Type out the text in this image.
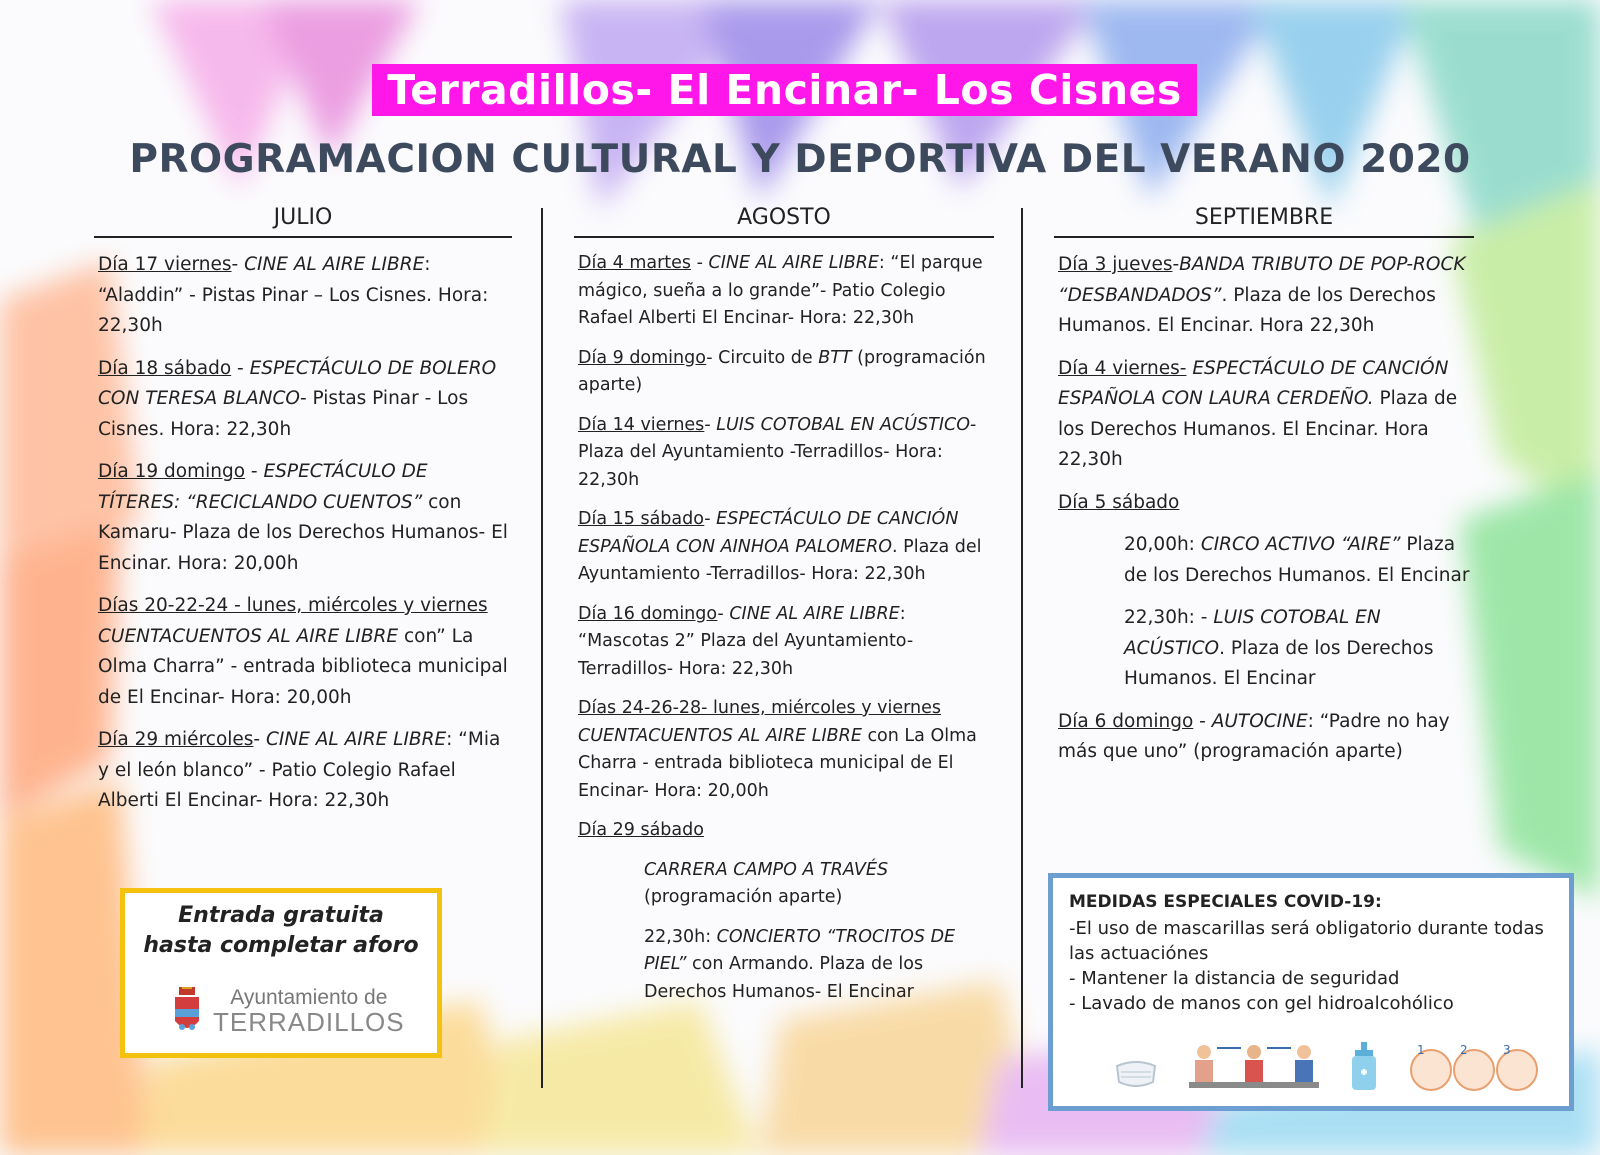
Terradillos- El Encinar- Los Cisnes
PROGRAMACION CULTURAL Y DEPORTIVA DEL VERANO 2020
JULIO
Día 17 viernes- CINE AL AIRE LIBRE: “Aladdin” - Pistas Pinar – Los Cisnes. Hora: 22,30h
Día 18 sábado - ESPECTÁCULO DE BOLERO CON TERESA BLANCO- Pistas Pinar - Los Cisnes. Hora: 22,30h
Día 19 domingo - ESPECTÁCULO DE TÍTERES: “RECICLANDO CUENTOS” con Kamaru- Plaza de los Derechos Humanos- El Encinar. Hora: 20,00h
Días 20-22-24 - lunes, miércoles y viernes CUENTACUENTOS AL AIRE LIBRE con” La Olma Charra” - entrada biblioteca municipal de El Encinar- Hora: 20,00h
Día 29 miércoles- CINE AL AIRE LIBRE: “Mia y el león blanco” - Patio Colegio Rafael Alberti El Encinar- Hora: 22,30h
AGOSTO
Día 4 martes - CINE AL AIRE LIBRE: “El parque mágico, sueña a lo grande”- Patio Colegio Rafael Alberti El Encinar- Hora: 22,30h
Día 9 domingo- Circuito de BTT (programación aparte)
Día 14 viernes- LUIS COTOBAL EN ACÚSTICO- Plaza del Ayuntamiento -Terradillos- Hora: 22,30h
Día 15 sábado- ESPECTÁCULO DE CANCIÓN ESPAÑOLA CON AINHOA PALOMERO. Plaza del Ayuntamiento -Terradillos- Hora: 22,30h
Día 16 domingo- CINE AL AIRE LIBRE: “Mascotas 2” Plaza del Ayuntamiento- Terradillos- Hora: 22,30h
Días 24-26-28- lunes, miércoles y viernes CUENTACUENTOS AL AIRE LIBRE con La Olma Charra - entrada biblioteca municipal de El Encinar- Hora: 20,00h
Día 29 sábado
CARRERA CAMPO A TRAVÉS (programación aparte)
22,30h: CONCIERTO “TROCITOS DE PIEL” con Armando. Plaza de los Derechos Humanos- El Encinar
SEPTIEMBRE
Día 3 jueves-BANDA TRIBUTO DE POP-ROCK “DESBANDADOS”. Plaza de los Derechos Humanos. El Encinar. Hora 22,30h
Día 4 viernes- ESPECTÁCULO DE CANCIÓN ESPAÑOLA CON LAURA CERDEÑO. Plaza de los Derechos Humanos. El Encinar. Hora 22,30h
Día 5 sábado
20,00h: CIRCO ACTIVO “AIRE” Plaza de los Derechos Humanos. El Encinar
22,30h: - LUIS COTOBAL EN ACÚSTICO. Plaza de los Derechos Humanos. El Encinar
Día 6 domingo - AUTOCINE: “Padre no hay más que uno” (programación aparte)
Entrada gratuita hasta completar aforo
Ayuntamiento de
TERRADILLOS
MEDIDAS ESPECIALES COVID-19:
-El uso de mascarillas será obligatorio durante todas las actuaciónes
- Mantener la distancia de seguridad
- Lavado de manos con gel hidroalcohólico
1	2	3
